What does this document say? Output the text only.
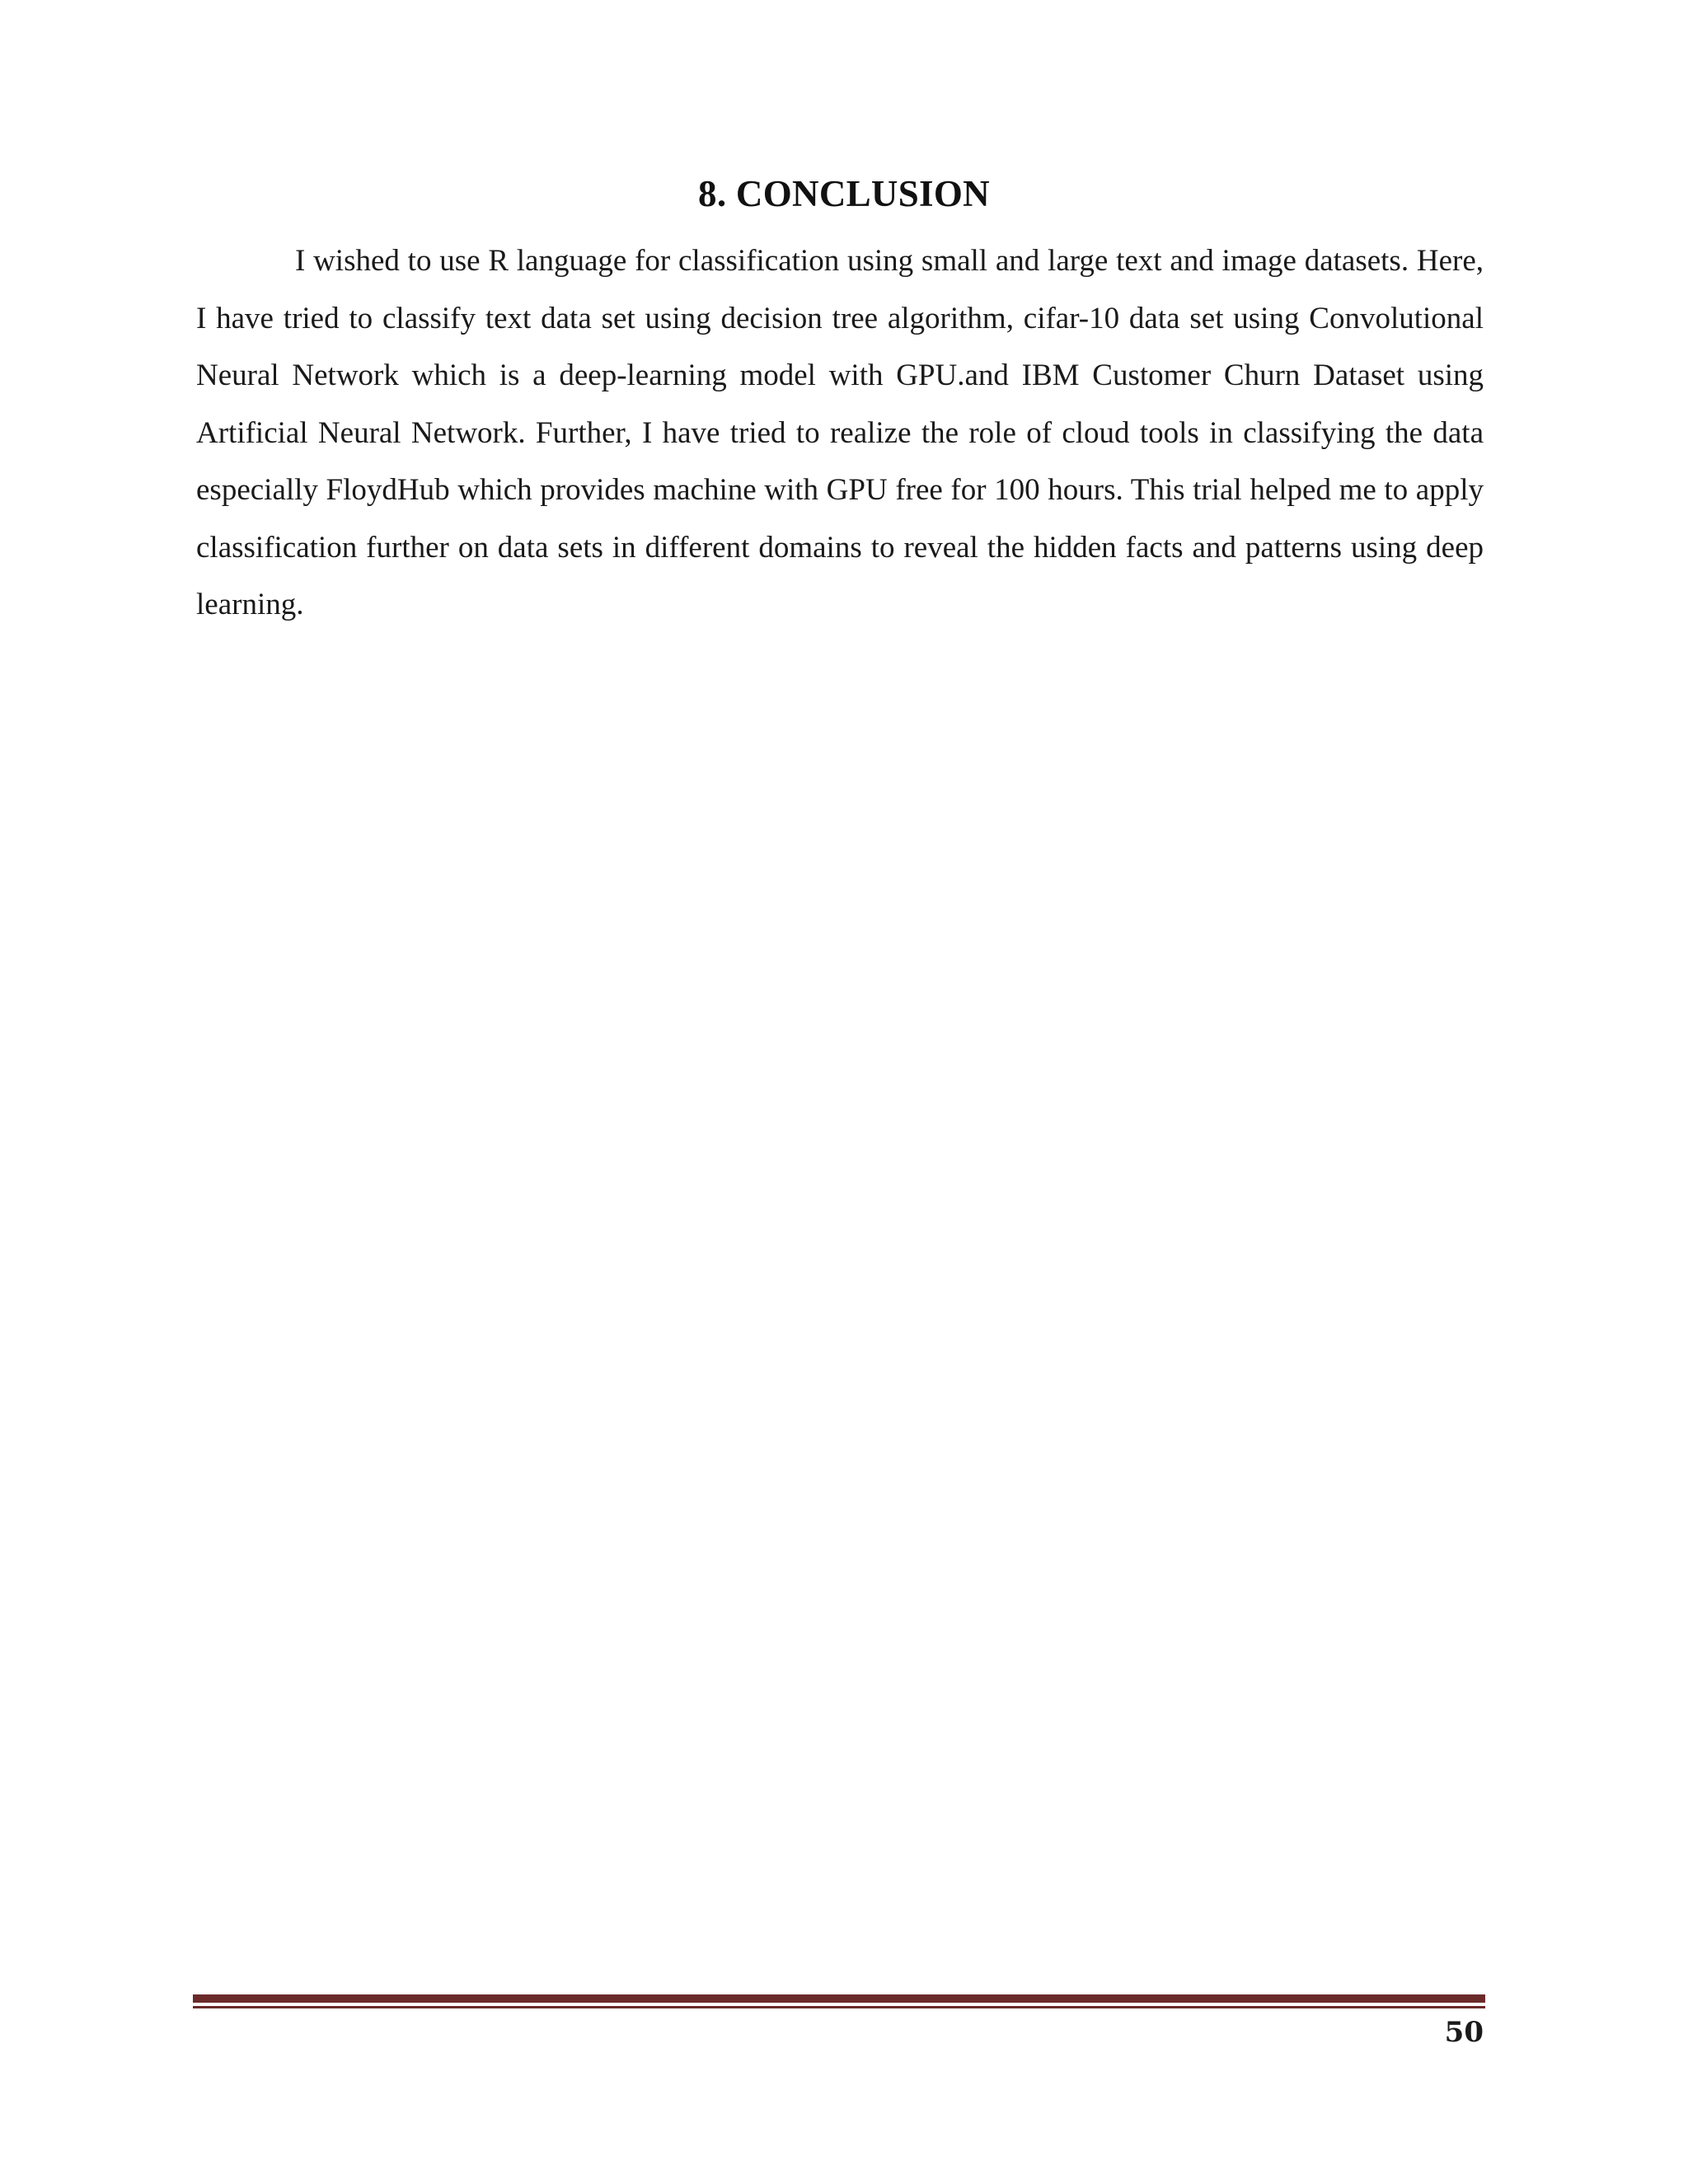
8. CONCLUSION

I wished to use R language for classification using small and large text and image datasets. Here, I have tried to classify text data set using decision tree algorithm, cifar-10 data set using Convolutional Neural Network which is a deep-learning model with GPU.and IBM Customer Churn Dataset using Artificial Neural Network. Further, I have tried to realize the role of cloud tools in classifying the data especially FloydHub which provides machine with GPU free for 100 hours. This trial helped me to apply classification further on data sets in different domains to reveal the hidden facts and patterns using deep learning.

50
